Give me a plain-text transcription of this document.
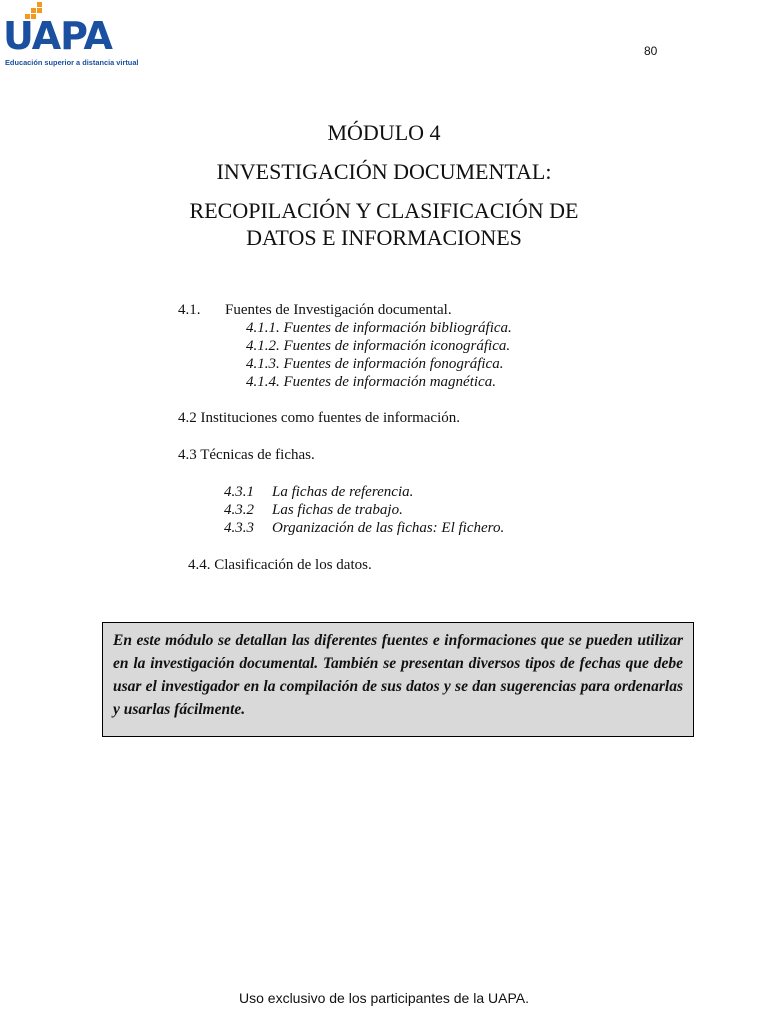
UAPA
Educación superior a distancia virtual
80
MÓDULO 4
INVESTIGACIÓN DOCUMENTAL:
RECOPILACIÓN Y CLASIFICACIÓN DE
DATOS E INFORMACIONES
4.1. Fuentes de Investigación documental.
4.1.1. Fuentes de información bibliográfica.
4.1.2. Fuentes de información iconográfica.
4.1.3. Fuentes de información fonográfica.
4.1.4. Fuentes de información magnética.
4.2 Instituciones como fuentes de información.
4.3 Técnicas de fichas.
4.3.1 La fichas de referencia.
4.3.2 Las fichas de trabajo.
4.3.3 Organización de las fichas: El fichero.
4.4. Clasificación de los datos.

En este módulo se detallan las diferentes fuentes e informaciones que se pueden utilizar en la investigación documental. También se presentan diversos tipos de fechas que debe usar el investigador en la compilación de sus datos y se dan sugerencias para ordenarlas y usarlas fácilmente.

Uso exclusivo de los participantes de la UAPA.
